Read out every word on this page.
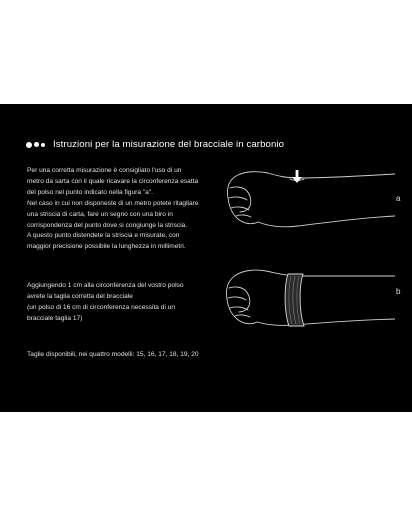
Istruzioni per la misurazione del bracciale in carbonio

Per una corretta misurazione è consigliato l'uso di un
metro da sarta con il quale ricavare la circonferenza esatta
del polso nel punto indicato nella figura "a".
Nel caso in cui non disponeste di un metro potete ritagliare
una striscia di carta, fare un segno con una biro in
corrispondenza del punto dove si congiunge la striscia.
A questo punto distendete la striscia e misurate, con
maggior precisione possibile la lunghezza in millimetri.

Aggiungendo 1 cm alla circonferenza del vostro polso
avrete la taglia corretta del bracciale
(un polso di 16 cm di circonferenza necessita di un
bracciale taglia 17)

Taglie disponibili, nei quattro modelli: 15, 16, 17, 18, 19, 20

a
b
